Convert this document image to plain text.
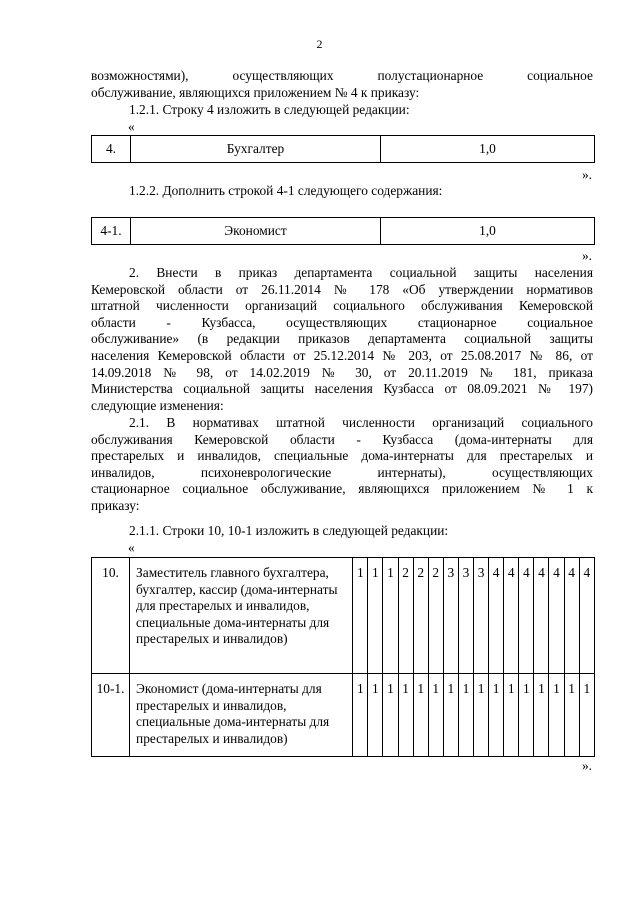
2
возможностями),	осуществляющих	полустационарное	социальное
обслуживание, являющихся приложением № 4 к приказу:
1.2.1. Строку 4 изложить в следующей редакции:
«
4.	Бухгалтер	1,0
».
1.2.2. Дополнить строкой 4-1 следующего содержания:
4-1.	Экономист	1,0
».
2. Внести в приказ департамента социальной защиты населения
Кемеровской области от 26.11.2014 № 178 «Об утверждении нормативов
штатной численности организаций социального обслуживания Кемеровской
области - Кузбасса, осуществляющих стационарное социальное
обслуживание» (в редакции приказов департамента социальной защиты
населения Кемеровской области от 25.12.2014 № 203, от 25.08.2017 № 86, от
14.09.2018 № 98, от 14.02.2019 № 30, от 20.11.2019 № 181, приказа
Министерства социальной защиты населения Кузбасса от 08.09.2021 № 197)
следующие изменения:
2.1. В нормативах штатной численности организаций социального
обслуживания Кемеровской области - Кузбасса (дома-интернаты для
престарелых и инвалидов, специальные дома-интернаты для престарелых и
инвалидов, психоневрологические интернаты), осуществляющих
стационарное социальное обслуживание, являющихся приложением № 1 к
приказу:
2.1.1. Строки 10, 10-1 изложить в следующей редакции:
«
10.	Заместитель главного бухгалтера, бухгалтер, кассир (дома-интернаты для престарелых и инвалидов, специальные дома-интернаты для престарелых и инвалидов)	1	1	1	2	2	2	3	3	3	4	4	4	4	4	4	4
10-1.	Экономист (дома-интернаты для престарелых и инвалидов, специальные дома-интернаты для престарелых и инвалидов)	1	1	1	1	1	1	1	1	1	1	1	1	1	1	1	1
».
